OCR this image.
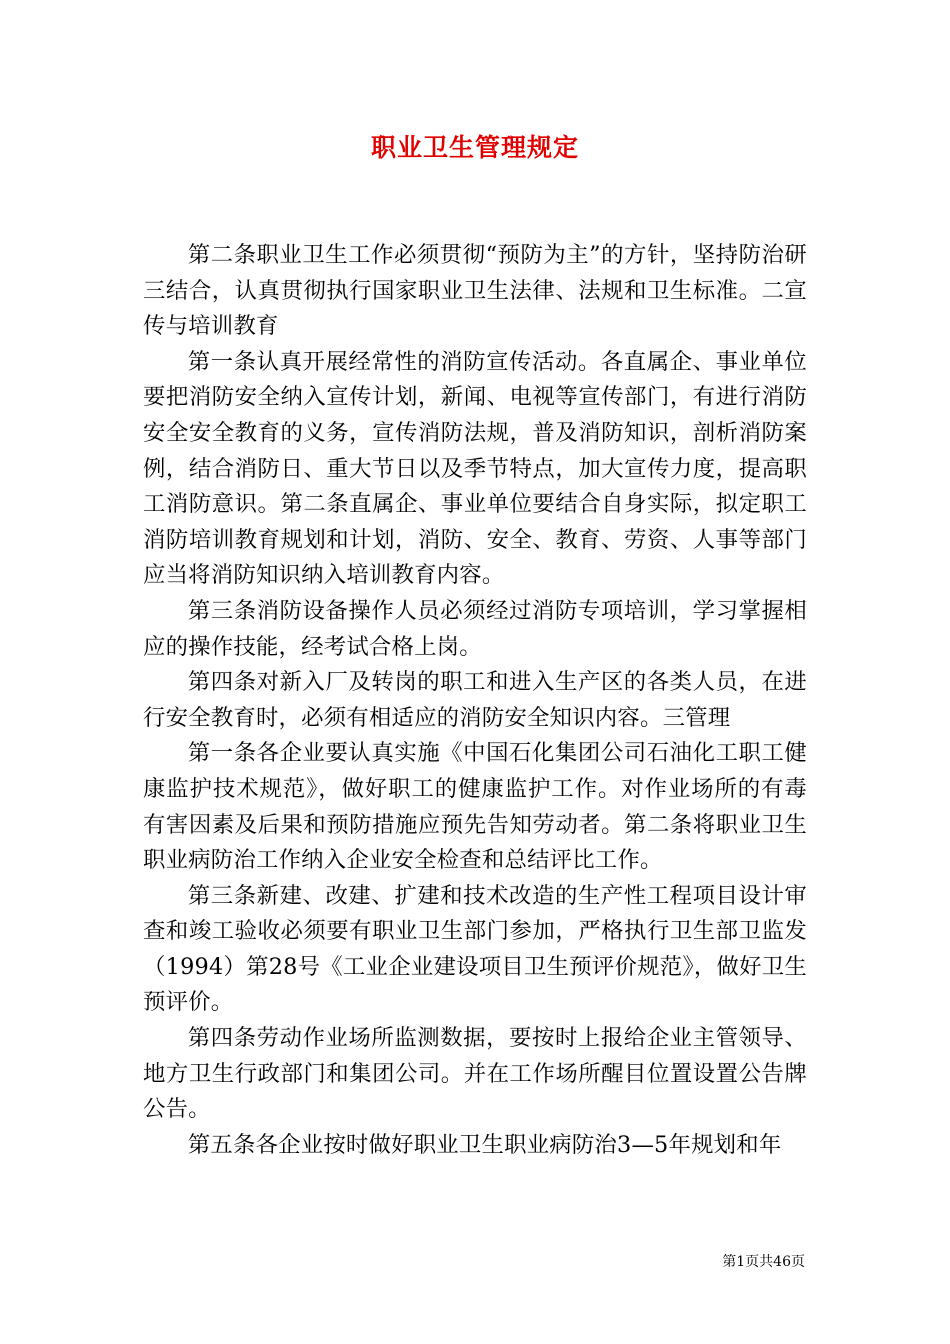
职业卫生管理规定

第二条职业卫生工作必须贯彻“预防为主”的方针，坚持防治研三结合，认真贯彻执行国家职业卫生法律、法规和卫生标准。二宣传与培训教育

第一条认真开展经常性的消防宣传活动。各直属企、事业单位要把消防安全纳入宣传计划，新闻、电视等宣传部门，有进行消防安全安全教育的义务，宣传消防法规，普及消防知识，剖析消防案例，结合消防日、重大节日以及季节特点，加大宣传力度，提高职工消防意识。第二条直属企、事业单位要结合自身实际，拟定职工消防培训教育规划和计划，消防、安全、教育、劳资、人事等部门应当将消防知识纳入培训教育内容。

第三条消防设备操作人员必须经过消防专项培训，学习掌握相应的操作技能，经考试合格上岗。

第四条对新入厂及转岗的职工和进入生产区的各类人员，在进行安全教育时，必须有相适应的消防安全知识内容。三管理

第一条各企业要认真实施《中国石化集团公司石油化工职工健康监护技术规范》，做好职工的健康监护工作。对作业场所的有毒有害因素及后果和预防措施应预先告知劳动者。第二条将职业卫生职业病防治工作纳入企业安全检查和总结评比工作。

第三条新建、改建、扩建和技术改造的生产性工程项目设计审查和竣工验收必须要有职业卫生部门参加，严格执行卫生部卫监发（1994）第28号《工业企业建设项目卫生预评价规范》，做好卫生预评价。

第四条劳动作业场所监测数据，要按时上报给企业主管领导、地方卫生行政部门和集团公司。并在工作场所醒目位置设置公告牌公告。

第五条各企业按时做好职业卫生职业病防治3—5年规划和年

第1页共46页
